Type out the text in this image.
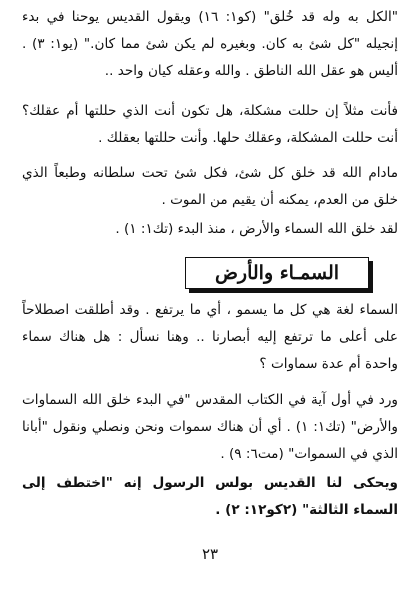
"الكل به وله قد خُلق" (كو١: ١٦) ويقول القديس يوحنا في بدء إنجيله "كل شئ به كان. وبغيره لم يكن شئ مما كان." (يو١: ٣) . أليس هو عقل الله الناطق . والله وعقله كيان واحد ..

فأنت مثلاً إن حللت مشكلة، هل تكون أنت الذي حللتها أم عقلك؟ أنت حللت المشكلة، وعقلك حلها. وأنت حللتها بعقلك .

مادام الله قد خلق كل شئ، فكل شئ تحت سلطانه وطبعاً الذي خلق من العدم، يمكنه أن يقيم من الموت .

لقد خلق الله السماء والأرض ، منذ البدء (تك١: ١) .

السمـاء والأرض

السماء لغة هي كل ما يسمو ، أي ما يرتفع . وقد أطلقت اصطلاحاً على أعلى ما ترتفع إليه أبصارنا .. وهنا نسأل : هل هناك سماء واحدة أم عدة سماوات ؟

ورد في أول آية في الكتاب المقدس "في البدء خلق الله السماوات والأرض" (تك١: ١) . أي أن هناك سموات ونحن ونصلي ونقول "أبانا الذي في السموات" (مت٦: ٩) .

ويحكى لنا القديس بولس الرسول إنه "اختطف إلى السماء الثالثة" (٢كو١٢: ٢) .

٢٣
